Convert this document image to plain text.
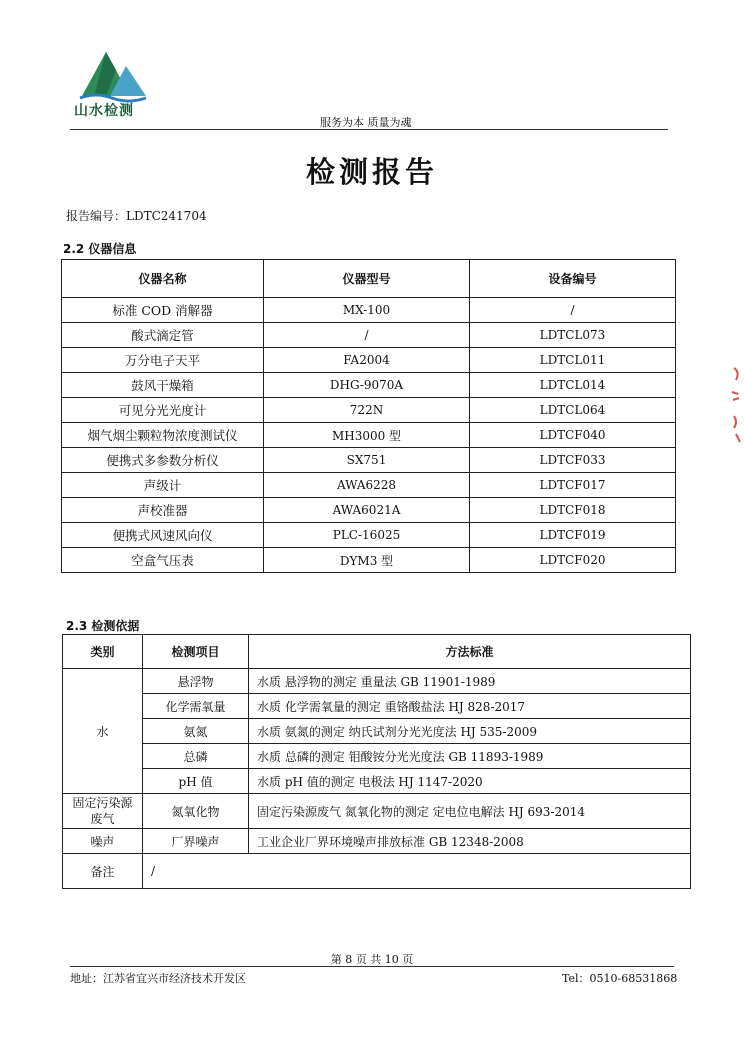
山水检测
服务为本 质量为魂
检测报告
报告编号：LDTC241704
2.2 仪器信息
仪器名称	仪器型号	设备编号
标准 COD 消解器	MX-100	/
酸式滴定管	/	LDTCL073
万分电子天平	FA2004	LDTCL011
鼓风干燥箱	DHG-9070A	LDTCL014
可见分光光度计	722N	LDTCL064
烟气烟尘颗粒物浓度测试仪	MH3000 型	LDTCF040
便携式多参数分析仪	SX751	LDTCF033
声级计	AWA6228	LDTCF017
声校准器	AWA6021A	LDTCF018
便携式风速风向仪	PLC-16025	LDTCF019
空盒气压表	DYM3 型	LDTCF020
2.3 检测依据
类别	检测项目	方法标准
水	悬浮物	水质 悬浮物的测定 重量法 GB 11901-1989
	化学需氧量	水质 化学需氧量的测定 重铬酸盐法 HJ 828-2017
	氨氮	水质 氨氮的测定 纳氏试剂分光光度法 HJ 535-2009
	总磷	水质 总磷的测定 钼酸铵分光光度法 GB 11893-1989
	pH 值	水质 pH 值的测定 电极法 HJ 1147-2020
固定污染源
废气	氮氧化物	固定污染源废气 氮氧化物的测定 定电位电解法 HJ 693-2014
噪声	厂界噪声	工业企业厂界环境噪声排放标准 GB 12348-2008
备注	/	
第 8 页 共 10 页
地址：江苏省宜兴市经济技术开发区	Tel：0510-68531868
